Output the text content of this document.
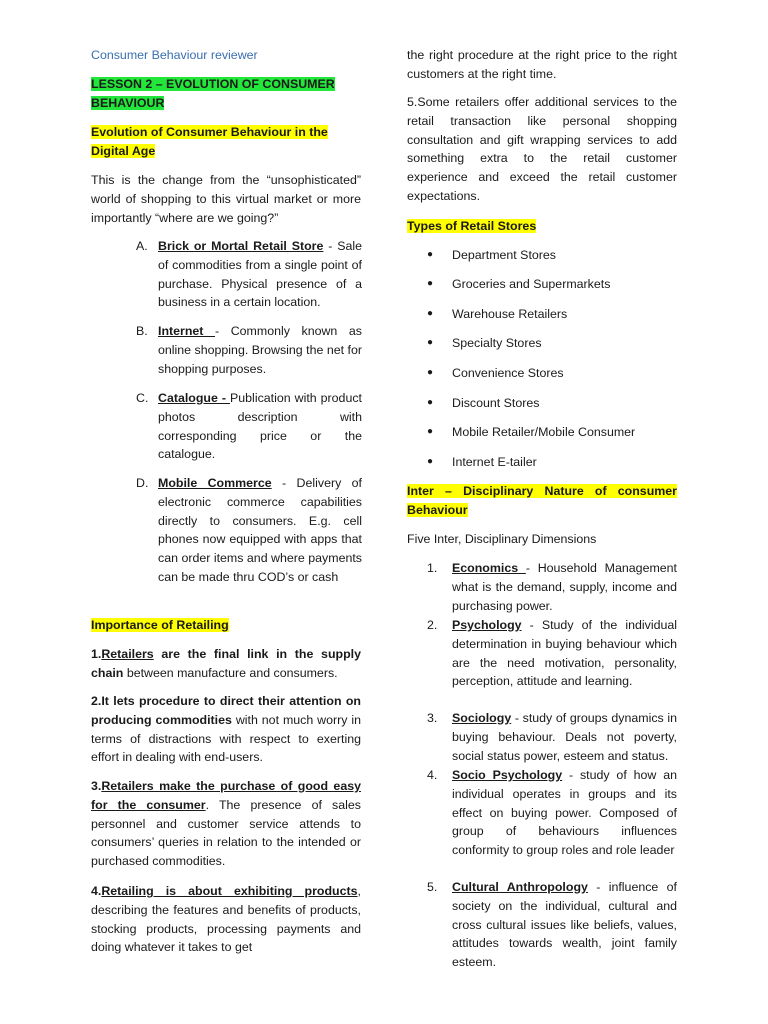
Consumer Behaviour reviewer
LESSON 2 – EVOLUTION OF CONSUMER BEHAVIOUR
Evolution of Consumer Behaviour in the Digital Age
This is the change from the “unsophisticated” world of shopping to this virtual market or more importantly “where are we going?”
A. Brick or Mortal Retail Store - Sale of commodities from a single point of purchase. Physical presence of a business in a certain location.
B. Internet - Commonly known as online shopping. Browsing the net for shopping purposes.
C. Catalogue - Publication with product photos description with corresponding price or the catalogue.
D. Mobile Commerce - Delivery of electronic commerce capabilities directly to consumers. E.g. cell phones now equipped with apps that can order items and where payments can be made thru COD’s or cash
Importance of Retailing
1.Retailers are the final link in the supply chain between manufacture and consumers.
2.It lets procedure to direct their attention on producing commodities with not much worry in terms of distractions with respect to exerting effort in dealing with end-users.
3.Retailers make the purchase of good easy for the consumer. The presence of sales personnel and customer service attends to consumers’ queries in relation to the intended or purchased commodities.
4.Retailing is about exhibiting products, describing the features and benefits of products, stocking products, processing payments and doing whatever it takes to get
the right procedure at the right price to the right customers at the right time.
5.Some retailers offer additional services to the retail transaction like personal shopping consultation and gift wrapping services to add something extra to the retail customer experience and exceed the retail customer expectations.
Types of Retail Stores
● Department Stores
● Groceries and Supermarkets
● Warehouse Retailers
● Specialty Stores
● Convenience Stores
● Discount Stores
● Mobile Retailer/Mobile Consumer
● Internet E-tailer
Inter – Disciplinary Nature of consumer Behaviour
Five Inter, Disciplinary Dimensions
1. Economics - Household Management what is the demand, supply, income and purchasing power.
2. Psychology - Study of the individual determination in buying behaviour which are the need motivation, personality, perception, attitude and learning.
3. Sociology - study of groups dynamics in buying behaviour. Deals not poverty, social status power, esteem and status.
4. Socio Psychology - study of how an individual operates in groups and its effect on buying power. Composed of group of behaviours influences conformity to group roles and role leader
5. Cultural Anthropology - influence of society on the individual, cultural and cross cultural issues like beliefs, values, attitudes towards wealth, joint family esteem.
